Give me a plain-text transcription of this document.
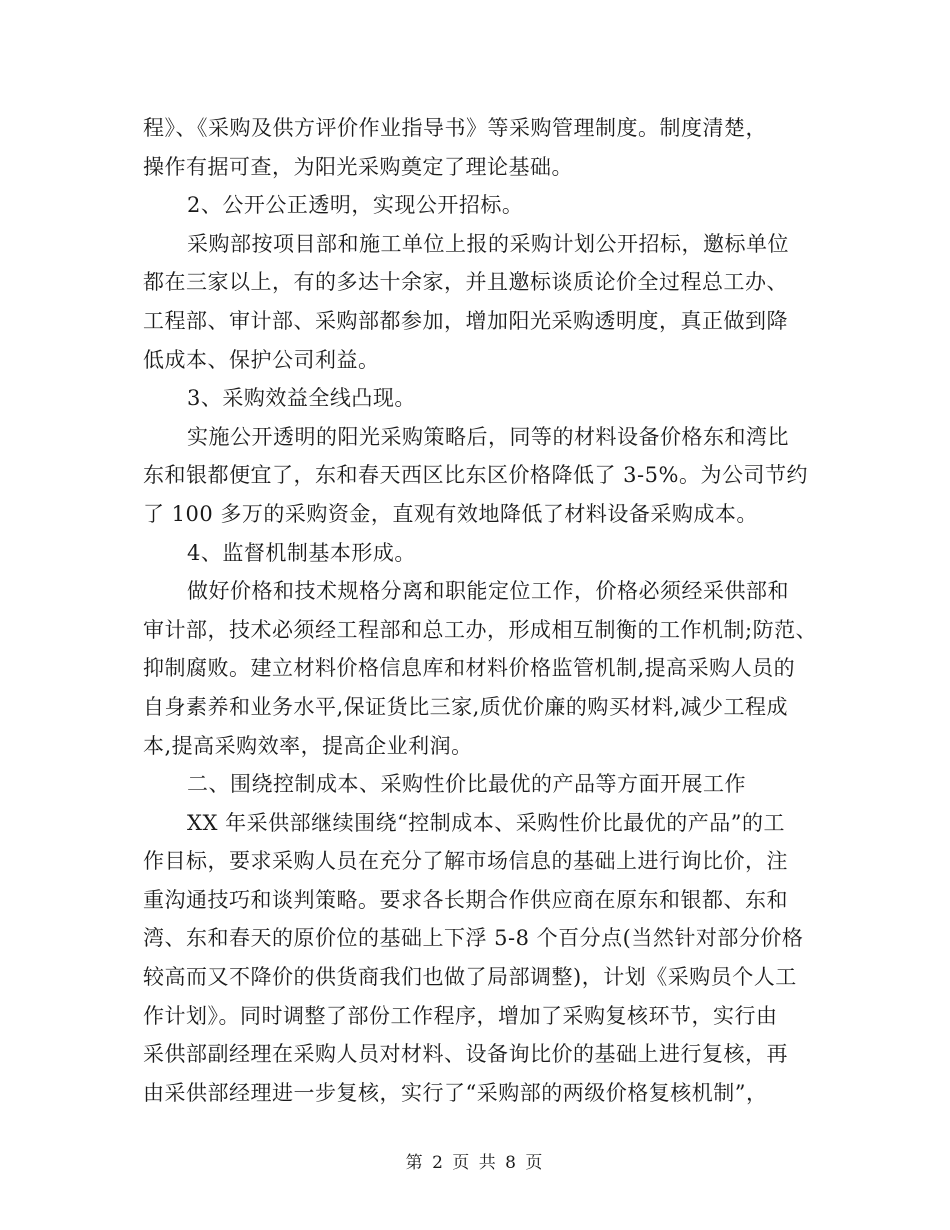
程》、《采购及供方评价作业指导书》等采购管理制度。制度清楚，
操作有据可查，为阳光采购奠定了理论基础。
2、公开公正透明，实现公开招标。
采购部按项目部和施工单位上报的采购计划公开招标，邀标单位
都在三家以上，有的多达十余家，并且邀标谈质论价全过程总工办、
工程部、审计部、采购部都参加，增加阳光采购透明度，真正做到降
低成本、保护公司利益。
3、采购效益全线凸现。
实施公开透明的阳光采购策略后，同等的材料设备价格东和湾比
东和银都便宜了，东和春天西区比东区价格降低了 3-5%。为公司节约
了 100 多万的采购资金，直观有效地降低了材料设备采购成本。
4、监督机制基本形成。
做好价格和技术规格分离和职能定位工作，价格必须经采供部和
审计部，技术必须经工程部和总工办，形成相互制衡的工作机制;防范、
抑制腐败。建立材料价格信息库和材料价格监管机制,提高采购人员的
自身素养和业务水平,保证货比三家,质优价廉的购买材料,减少工程成
本,提高采购效率，提高企业利润。
二、围绕控制成本、采购性价比最优的产品等方面开展工作
XX 年采供部继续围绕“控制成本、采购性价比最优的产品”的工
作目标，要求采购人员在充分了解市场信息的基础上进行询比价，注
重沟通技巧和谈判策略。要求各长期合作供应商在原东和银都、东和
湾、东和春天的原价位的基础上下浮 5-8 个百分点(当然针对部分价格
较高而又不降价的供货商我们也做了局部调整)，计划《采购员个人工
作计划》。同时调整了部份工作程序，增加了采购复核环节，实行由
采供部副经理在采购人员对材料、设备询比价的基础上进行复核，再
由采供部经理进一步复核，实行了“采购部的两级价格复核机制”，
第 2 页 共 8 页
